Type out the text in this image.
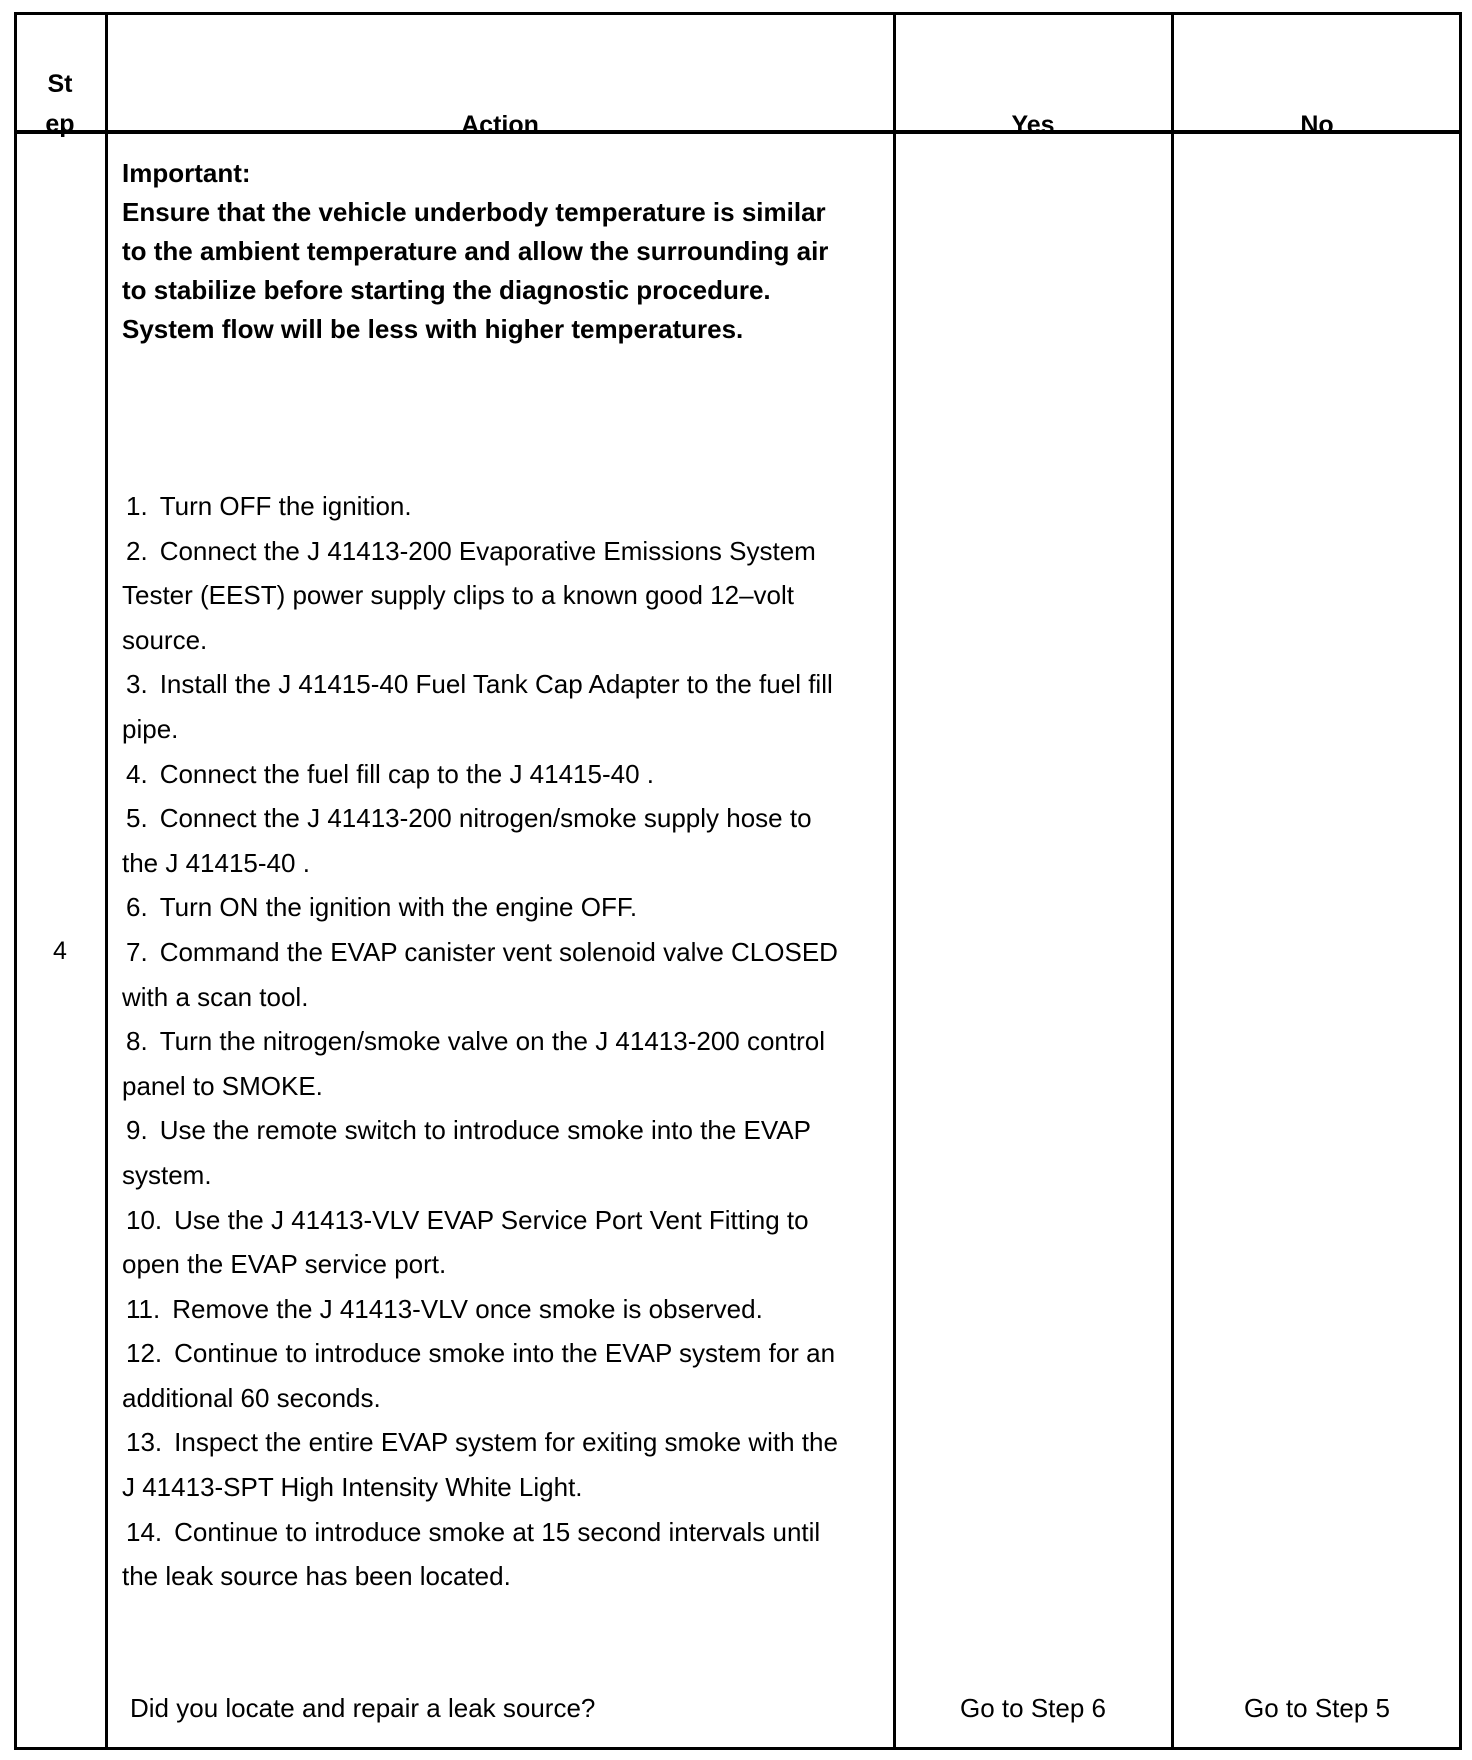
St
ep	Action	Yes	No
4
Important:
Ensure that the vehicle underbody temperature is similar to the ambient temperature and allow the surrounding air to stabilize before starting the diagnostic procedure. System flow will be less with higher temperatures.
1. Turn OFF the ignition.
2. Connect the J 41413-200 Evaporative Emissions System Tester (EEST) power supply clips to a known good 12–volt source.
3. Install the J 41415-40 Fuel Tank Cap Adapter to the fuel fill pipe.
4. Connect the fuel fill cap to the J 41415-40 .
5. Connect the J 41413-200 nitrogen/smoke supply hose to the J 41415-40 .
6. Turn ON the ignition with the engine OFF.
7. Command the EVAP canister vent solenoid valve CLOSED with a scan tool.
8. Turn the nitrogen/smoke valve on the J 41413-200 control panel to SMOKE.
9. Use the remote switch to introduce smoke into the EVAP system.
10. Use the J 41413-VLV EVAP Service Port Vent Fitting to open the EVAP service port.
11. Remove the J 41413-VLV once smoke is observed.
12. Continue to introduce smoke into the EVAP system for an additional 60 seconds.
13. Inspect the entire EVAP system for exiting smoke with the J 41413-SPT High Intensity White Light.
14. Continue to introduce smoke at 15 second intervals until the leak source has been located.
Did you locate and repair a leak source?	Go to Step 6	Go to Step 5
